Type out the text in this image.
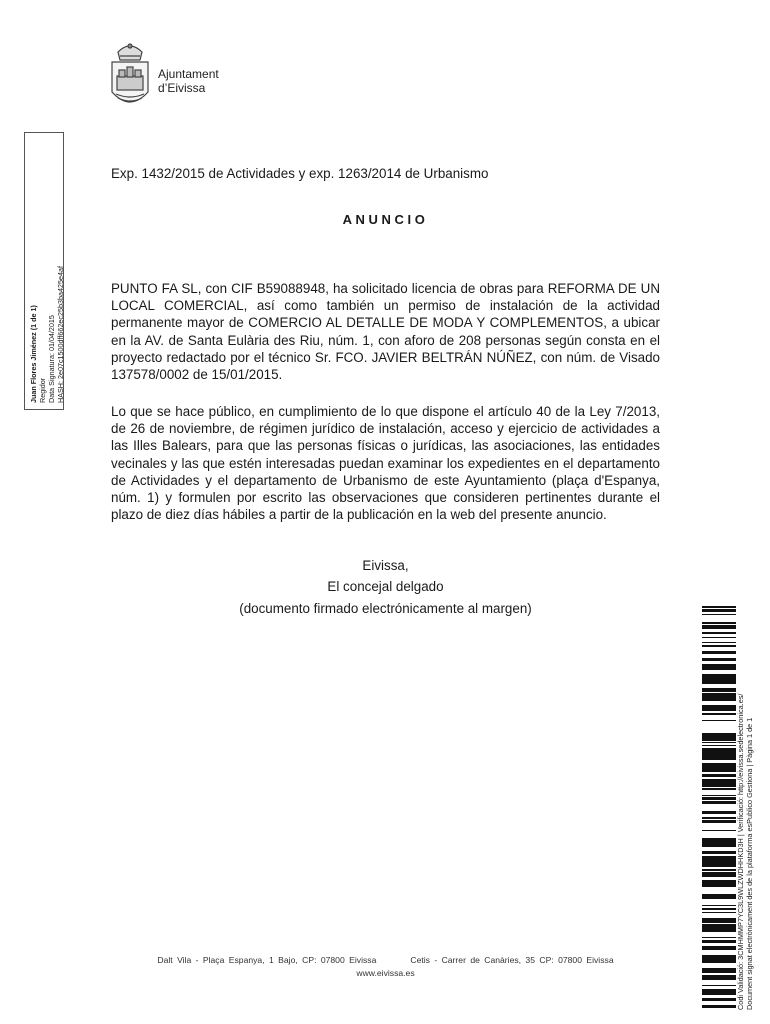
Ajuntament
d’Eivissa
Juan Flores Jiménez (1 de 1) Regidor Data Signatura: 01/04/2015 HASH: 2e07c1500dff662ec25b3ba425e4af
Exp. 1432/2015 de Actividades y exp. 1263/2014 de Urbanismo
ANUNCIO
PUNTO FA SL, con CIF B59088948, ha solicitado licencia de obras para REFORMA DE UN LOCAL COMERCIAL, así como también un permiso de instalación de la actividad permanente mayor de COMERCIO AL DETALLE DE MODA Y COMPLEMENTOS, a ubicar en la AV. de Santa Eulària des Riu, núm. 1, con aforo de 208 personas según consta en el proyecto redactado por el técnico Sr. FCO. JAVIER BELTRÁN NÚÑEZ, con núm. de Visado 137578/0002 de 15/01/2015.
Lo que se hace público, en cumplimiento de lo que dispone el artículo 40 de la Ley 7/2013, de 26 de noviembre, de régimen jurídico de instalación, acceso y ejercicio de actividades a las Illes Balears, para que las personas físicas o jurídicas, las asociaciones, las entidades vecinales y las que estén interesadas puedan examinar los expedientes en el departamento de Actividades y el departamento de Urbanismo de este Ayuntamiento (plaça d'Espanya, núm. 1) y formulen por escrito las observaciones que consideren pertinentes durante el plazo de diez días hábiles a partir de la publicación en la web del presente anuncio.
Eivissa,
El concejal delgado
(documento firmado electrónicamente al margen)
Dalt Vila - Plaça Espanya, 1 Bajo, CP: 07800 Eivissa	Cetis - Carrer de Canàries, 35 CP: 07800 Eivissa
www.eivissa.es	Codi Validació: 3CMHMMP7YC3L9WLZWDHHKD3H | Verificació: http://eivissa.sedelectronica.es/ Document signat electrònicament des de la plataforma esPublico Gestiona | Pàgina 1 de 1
